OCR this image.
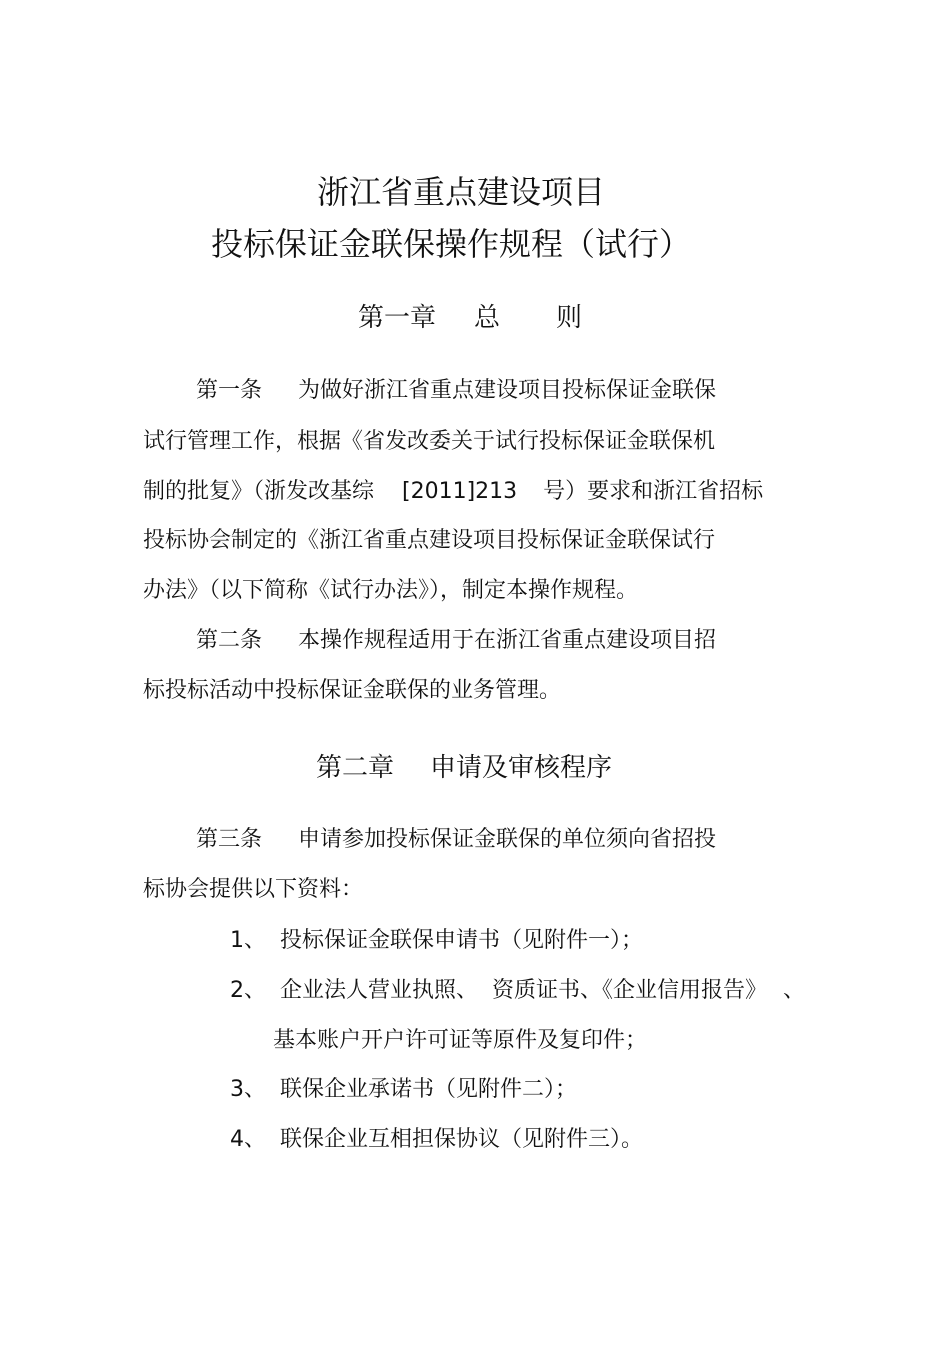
浙江省重点建设项目
投标保证金联保操作规程（试行）
第一章 总 则
第一条 为做好浙江省重点建设项目投标保证金联保
试行管理工作，根据《省发改委关于试行投标保证金联保机
制的批复》（浙发改基综 [2011]213 号）要求和浙江省招标
投标协会制定的《浙江省重点建设项目投标保证金联保试行
办法》（以下简称《试行办法》），制定本操作规程。
第二条 本操作规程适用于在浙江省重点建设项目招
标投标活动中投标保证金联保的业务管理。
第二章 申请及审核程序
第三条 申请参加投标保证金联保的单位须向省招投
标协会提供以下资料：
1、 投标保证金联保申请书（见附件一）；
2、 企业法人营业执照、 资质证书、《企业信用报告》 、
基本账户开户许可证等原件及复印件；
3、 联保企业承诺书（见附件二）；
4、 联保企业互相担保协议（见附件三）。
